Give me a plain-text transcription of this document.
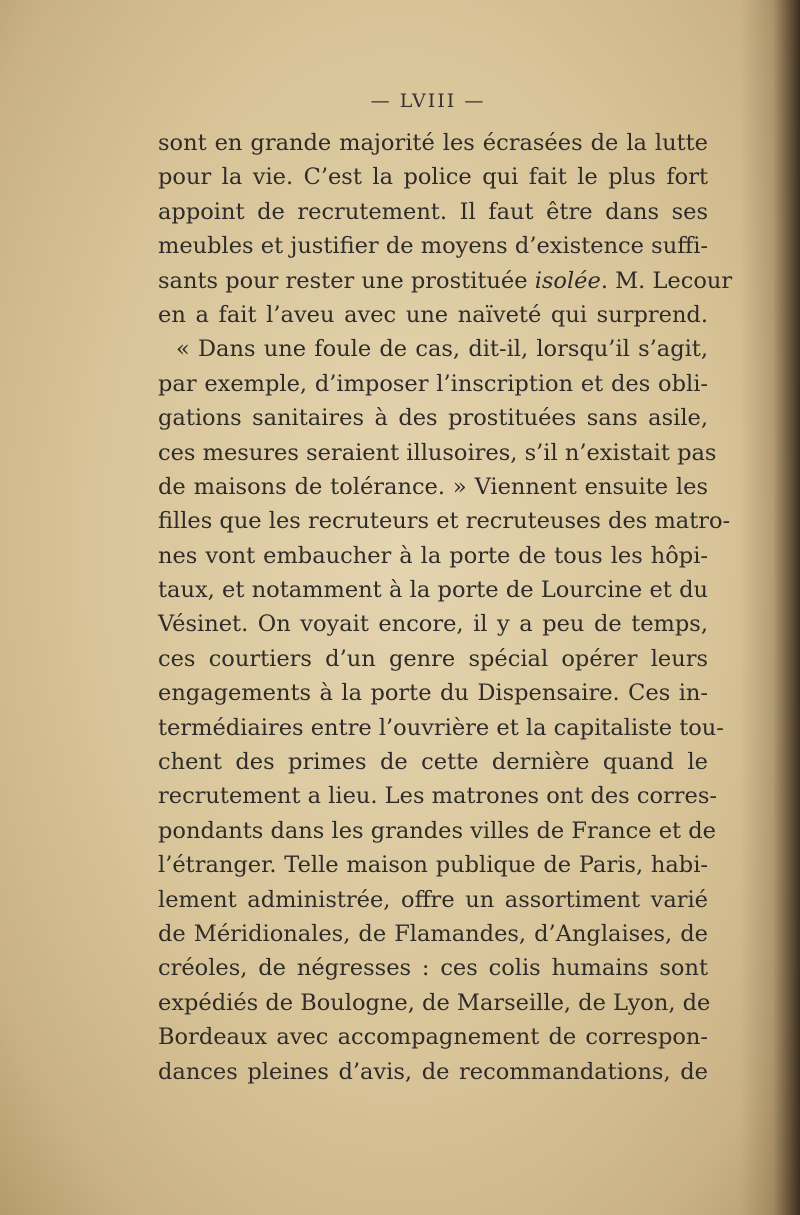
— LVIII —
sont en grande majorité les écrasées de la lutte
pour la vie. C’est la police qui fait le plus fort
appoint de recrutement. Il faut être dans ses
meubles et justifier de moyens d’existence suffi-
sants pour rester une prostituée isolée. M. Lecour
en a fait l’aveu avec une naïveté qui surprend.
« Dans une foule de cas, dit-il, lorsqu’il s’agit,
par exemple, d’imposer l’inscription et des obli-
gations sanitaires à des prostituées sans asile,
ces mesures seraient illusoires, s’il n’existait pas
de maisons de tolérance. » Viennent ensuite les
filles que les recruteurs et recruteuses des matro-
nes vont embaucher à la porte de tous les hôpi-
taux, et notamment à la porte de Lourcine et du
Vésinet. On voyait encore, il y a peu de temps,
ces courtiers d’un genre spécial opérer leurs
engagements à la porte du Dispensaire. Ces in-
termédiaires entre l’ouvrière et la capitaliste tou-
chent des primes de cette dernière quand le
recrutement a lieu. Les matrones ont des corres-
pondants dans les grandes villes de France et de
l’étranger. Telle maison publique de Paris, habi-
lement administrée, offre un assortiment varié
de Méridionales, de Flamandes, d’Anglaises, de
créoles, de négresses : ces colis humains sont
expédiés de Boulogne, de Marseille, de Lyon, de
Bordeaux avec accompagnement de correspon-
dances pleines d’avis, de recommandations, de
